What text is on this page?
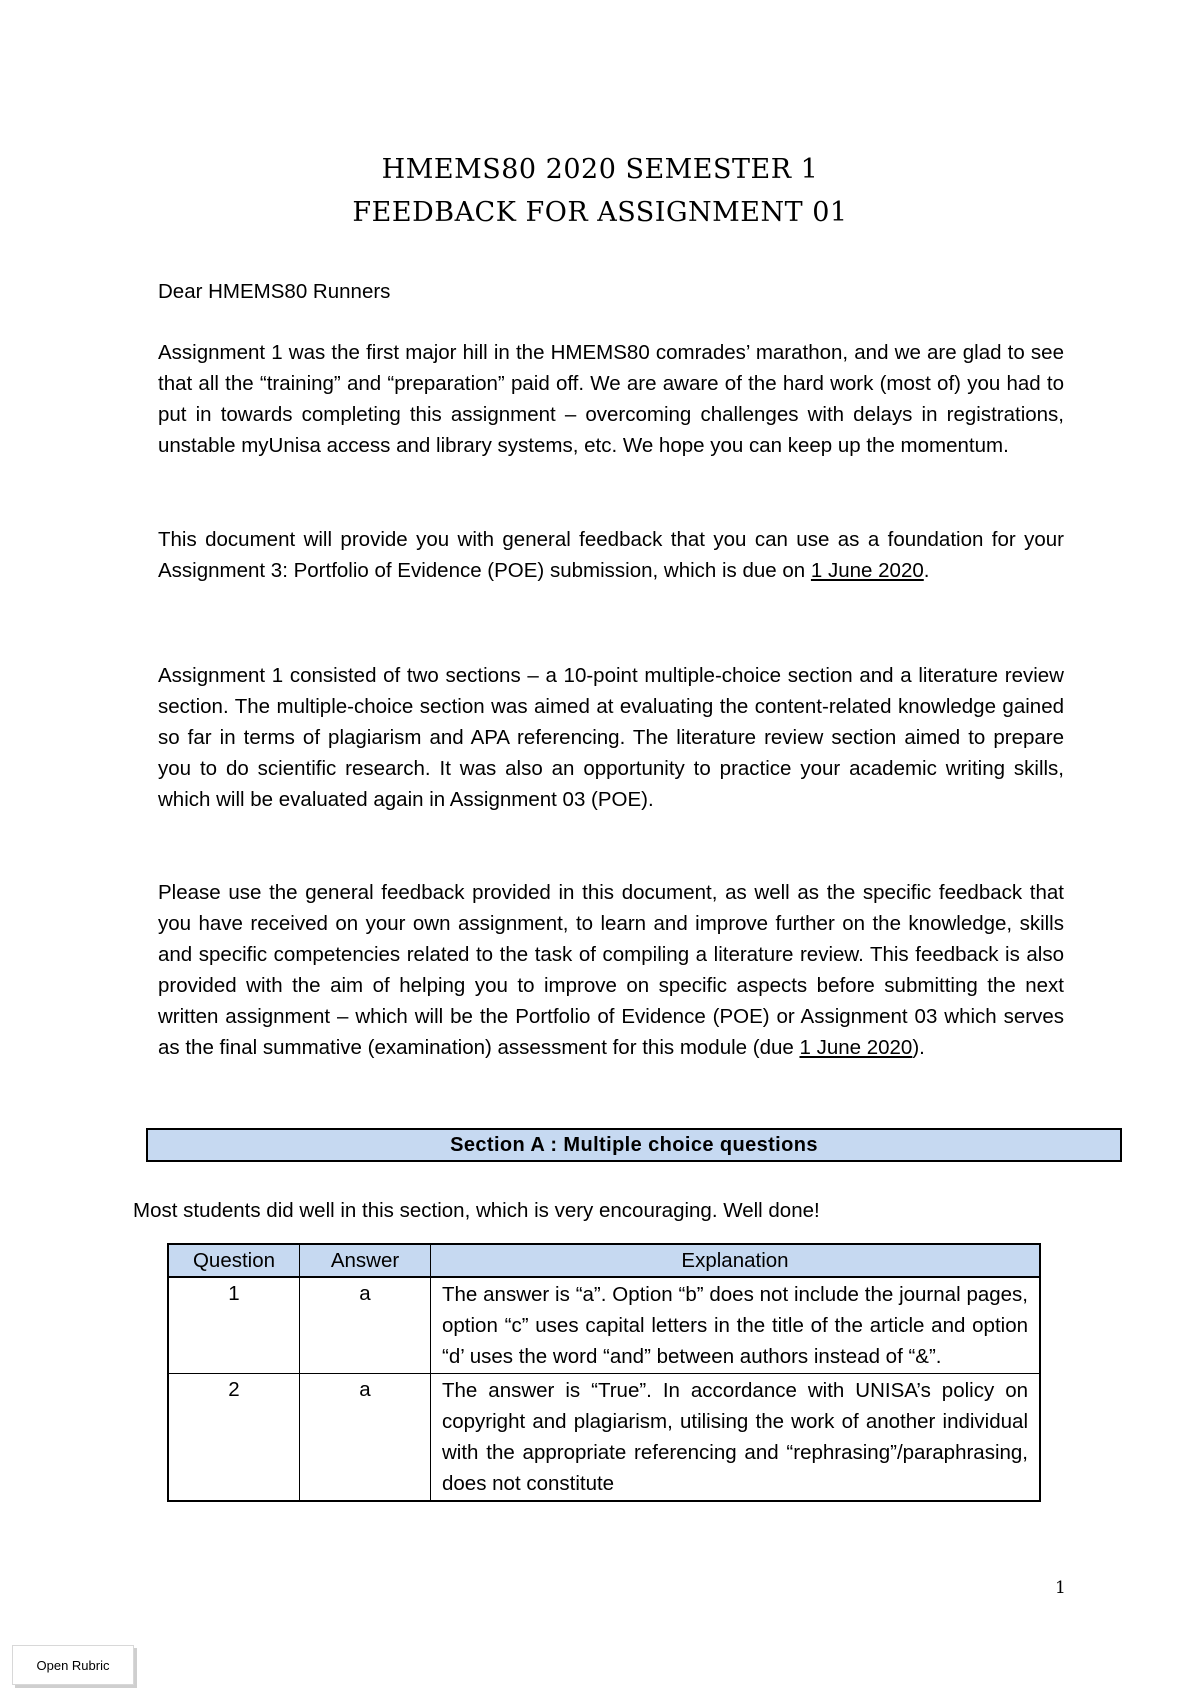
HMEMS80 2020 SEMESTER 1
FEEDBACK FOR ASSIGNMENT 01
Dear HMEMS80 Runners

Assignment 1 was the first major hill in the HMEMS80 comrades’ marathon, and we are glad to see that all the “training” and “preparation” paid off. We are aware of the hard work (most of) you had to put in towards completing this assignment – overcoming challenges with delays in registrations, unstable myUnisa access and library systems, etc. We hope you can keep up the momentum.

This document will provide you with general feedback that you can use as a foundation for your Assignment 3: Portfolio of Evidence (POE) submission, which is due on 1 June 2020.

Assignment 1 consisted of two sections – a 10-point multiple-choice section and a literature review section. The multiple-choice section was aimed at evaluating the content-related knowledge gained so far in terms of plagiarism and APA referencing. The literature review section aimed to prepare you to do scientific research. It was also an opportunity to practice your academic writing skills, which will be evaluated again in Assignment 03 (POE).

Please use the general feedback provided in this document, as well as the specific feedback that you have received on your own assignment, to learn and improve further on the knowledge, skills and specific competencies related to the task of compiling a literature review. This feedback is also provided with the aim of helping you to improve on specific aspects before submitting the next written assignment – which will be the Portfolio of Evidence (POE) or Assignment 03 which serves as the final summative (examination) assessment for this module (due 1 June 2020).

Section A : Multiple choice questions
Most students did well in this section, which is very encouraging. Well done!
Question	Answer	Explanation
1	a	The answer is “a”. Option “b” does not include the journal pages, option “c” uses capital letters in the title of the article and option “d’ uses the word “and” between authors instead of “&”.
2	a	The answer is “True”. In accordance with UNISA’s policy on copyright and plagiarism, utilising the work of another individual with the appropriate referencing and “rephrasing”/paraphrasing, does not constitute
1
Open Rubric
